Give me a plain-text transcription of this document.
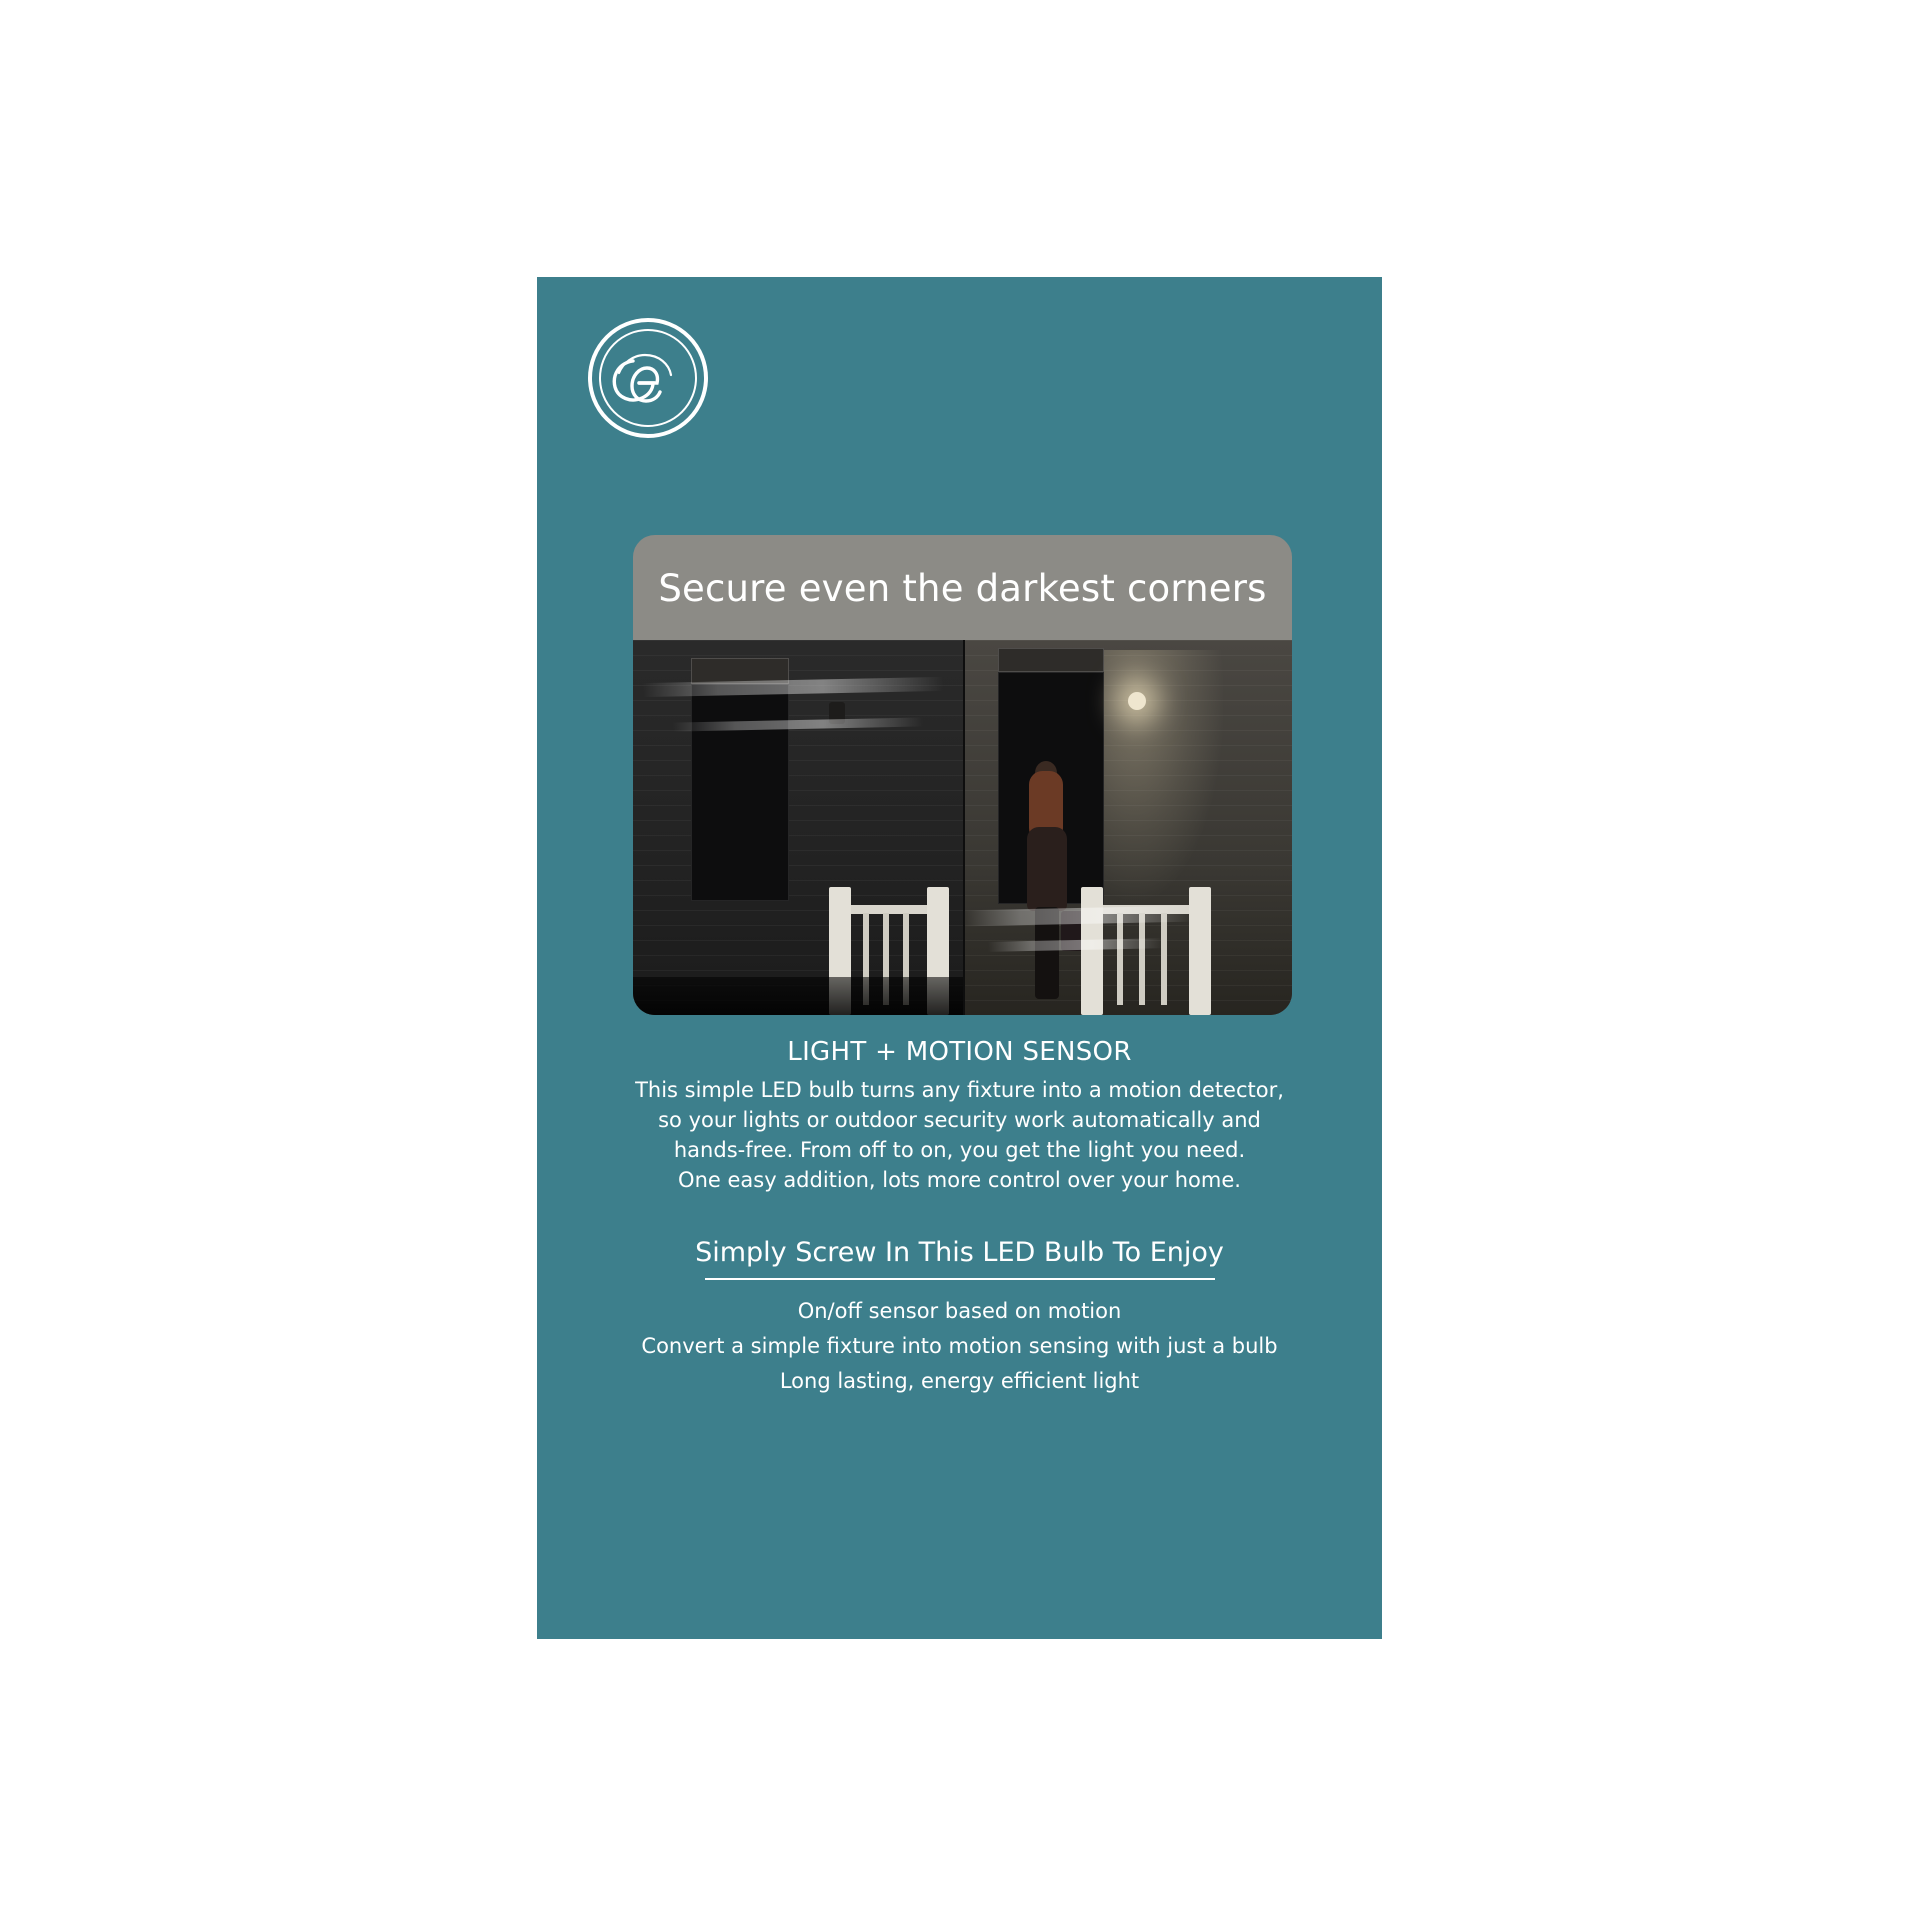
Secure even the darkest corners
LIGHT + MOTION SENSOR

This simple LED bulb turns any fixture into a motion detector,
so your lights or outdoor security work automatically and
hands-free. From off to on, you get the light you need.
One easy addition, lots more control over your home.

Simply Screw In This LED Bulb To Enjoy
On/off sensor based on motion
Convert a simple fixture into motion sensing with just a bulb
Long lasting, energy efficient light
